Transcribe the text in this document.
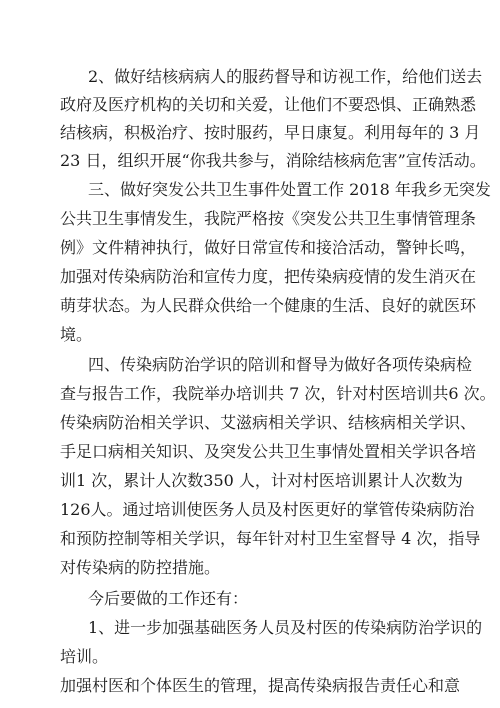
2、做好结核病病人的服药督导和访视工作，给他们送去

政府及医疗机构的关切和关爱，让他们不要恐惧、正确熟悉

结核病，积极治疗、按时服药，早日康复。利用每年的 3 月

23 日，组织开展“你我共参与，消除结核病危害”宣传活动。

三、做好突发公共卫生事件处置工作 2018 年我乡无突发

公共卫生事情发生，我院严格按《突发公共卫生事情管理条

例》文件精神执行，做好日常宣传和接洽活动，警钟长鸣，

加强对传染病防治和宣传力度，把传染病疫情的发生消灭在

萌芽状态。为人民群众供给一个健康的生活、良好的就医环

境。

四、传染病防治学识的陪训和督导为做好各项传染病检

查与报告工作，我院举办培训共 7 次，针对村医培训共6 次。

传染病防治相关学识、艾滋病相关学识、结核病相关学识、

手足口病相关知识、及突发公共卫生事情处置相关学识各培

训1 次，累计人次数350 人，计对村医培训累计人次数为

126人。通过培训使医务人员及村医更好的掌管传染病防治

和预防控制等相关学识，每年针对村卫生室督导 4 次，指导

对传染病的防控措施。

今后要做的工作还有：

1、进一步加强基础医务人员及村医的传染病防治学识的

培训。

加强村医和个体医生的管理，提高传染病报告责任心和意
